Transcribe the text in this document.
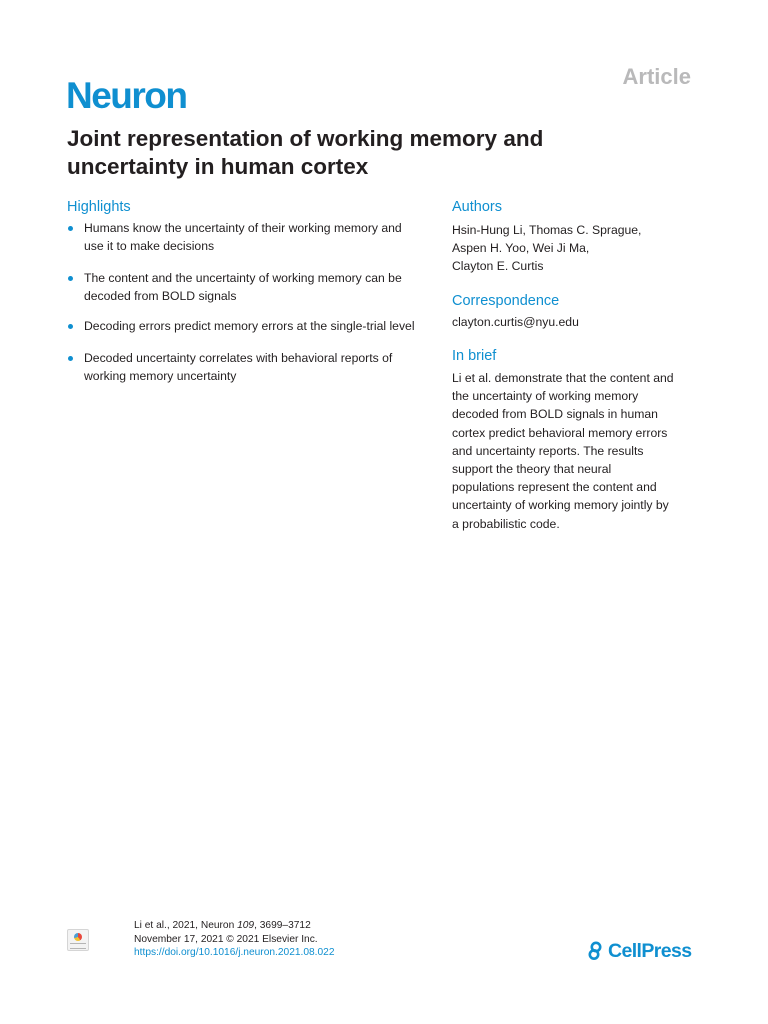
Neuron	Article
Joint representation of working memory and
uncertainty in human cortex
Highlights
Humans know the uncertainty of their working memory and
use it to make decisions
The content and the uncertainty of working memory can be
decoded from BOLD signals
Decoding errors predict memory errors at the single-trial level
Decoded uncertainty correlates with behavioral reports of
working memory uncertainty
Authors
Hsin-Hung Li, Thomas C. Sprague,
Aspen H. Yoo, Wei Ji Ma,
Clayton E. Curtis
Correspondence
clayton.curtis@nyu.edu
In brief
Li et al. demonstrate that the content and
the uncertainty of working memory
decoded from BOLD signals in human
cortex predict behavioral memory errors
and uncertainty reports. The results
support the theory that neural
populations represent the content and
uncertainty of working memory jointly by
a probabilistic code.
Li et al., 2021, Neuron 109, 3699–3712
November 17, 2021 © 2021 Elsevier Inc.
https://doi.org/10.1016/j.neuron.2021.08.022	CellPress
